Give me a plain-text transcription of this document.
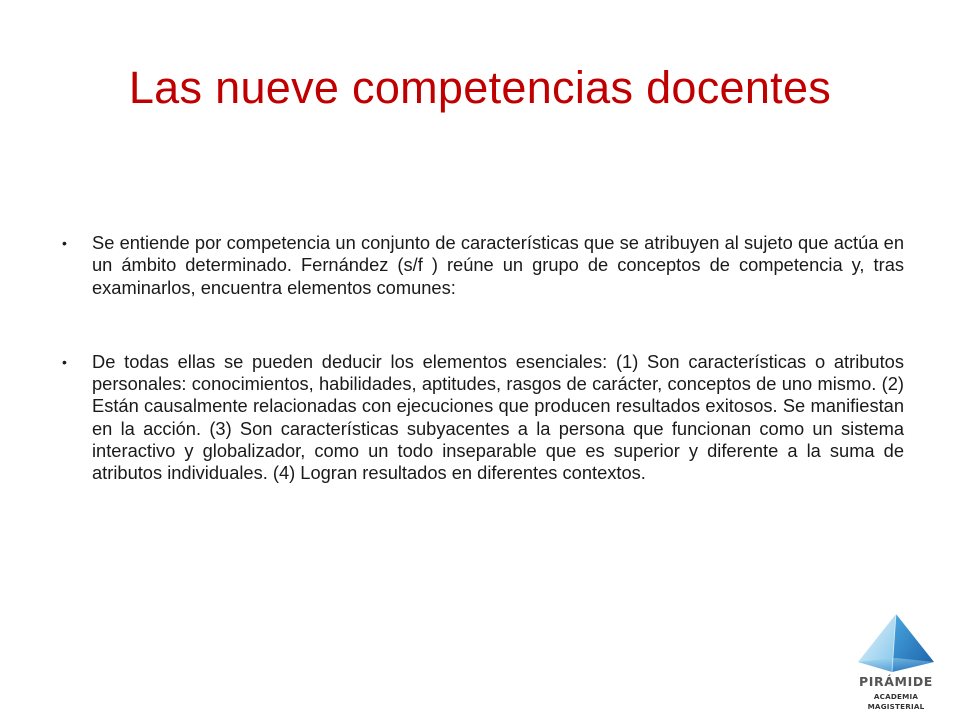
Las nueve competencias docentes
• Se entiende por competencia un conjunto de características que se atribuyen al sujeto que actúa en un ámbito determinado. Fernández (s/f ) reúne un grupo de conceptos de competencia y, tras examinarlos, encuentra elementos comunes:
• De todas ellas se pueden deducir los elementos esenciales: (1) Son características o atributos personales: conocimientos, habilidades, aptitudes, rasgos de carácter, conceptos de uno mismo. (2) Están causalmente relacionadas con ejecuciones que producen resultados exitosos. Se manifiestan en la acción. (3) Son características subyacentes a la persona que funcionan como un sistema interactivo y globalizador, como un todo inseparable que es superior y diferente a la suma de atributos individuales. (4) Logran resultados en diferentes contextos.
PIRÁMIDE
ACADEMIA MAGISTERIAL
